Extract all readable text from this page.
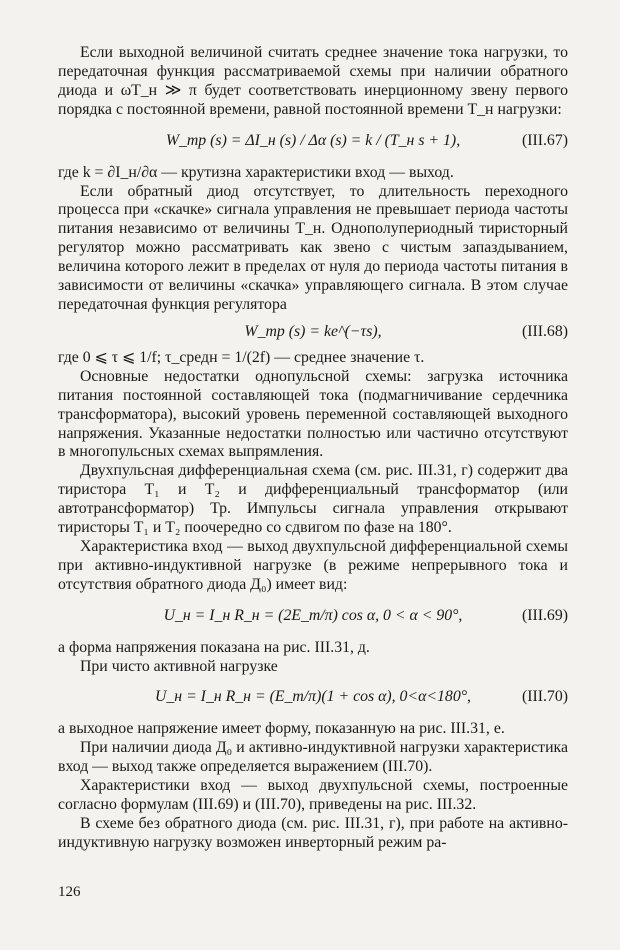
Если выходной величиной считать среднее значение тока нагрузки, то передаточная функция рассматриваемой схемы при наличии обратного диода и ωT_н ≫ π будет соответствовать инерционному звену первого порядка с постоянной времени, равной постоянной времени T_н нагрузки:

W_тр (s) = ΔI_н (s) / Δα (s) = k / (T_н s + 1),	(III.67)

где k = ∂I_н/∂α — крутизна характеристики вход — выход.

Если обратный диод отсутствует, то длительность переходного процесса при «скачке» сигнала управления не превышает периода частоты питания независимо от величины T_н. Однополупериодный тиристорный регулятор можно рассматривать как звено с чистым запаздыванием, величина которого лежит в пределах от нуля до периода частоты питания в зависимости от величины «скачка» управляющего сигнала. В этом случае передаточная функция регулятора

W_тр (s) = ke^(−τs),	(III.68)

где 0 ⩽ τ ⩽ 1/f; τ_средн = 1/(2f) — среднее значение τ.

Основные недостатки однопульсной схемы: загрузка источника питания постоянной составляющей тока (подмагничивание сердечника трансформатора), высокий уровень переменной составляющей выходного напряжения. Указанные недостатки полностью или частично отсутствуют в многопульсных схемах выпрямления.

Двухпульсная дифференциальная схема (см. рис. III.31, г) содержит два тиристора T₁ и T₂ и дифференциальный трансформатор (или автотрансформатор) Тр. Импульсы сигнала управления открывают тиристоры T₁ и T₂ поочередно со сдвигом по фазе на 180°.

Характеристика вход — выход двухпульсной дифференциальной схемы при активно-индуктивной нагрузке (в режиме непрерывного тока и отсутствия обратного диода Д₀) имеет вид:

U_н = I_н R_н = (2E_m/π) cos α, 0 < α < 90°,	(III.69)

а форма напряжения показана на рис. III.31, д.

При чисто активной нагрузке

U_н = I_н R_н = (E_m/π)(1 + cos α), 0<α<180°,	(III.70)

а выходное напряжение имеет форму, показанную на рис. III.31, е.

При наличии диода Д₀ и активно-индуктивной нагрузки характеристика вход — выход также определяется выражением (III.70).

Характеристики вход — выход двухпульсной схемы, построенные согласно формулам (III.69) и (III.70), приведены на рис. III.32.

В схеме без обратного диода (см. рис. III.31, г), при работе на активно-индуктивную нагрузку возможен инверторный режим ра-

126
